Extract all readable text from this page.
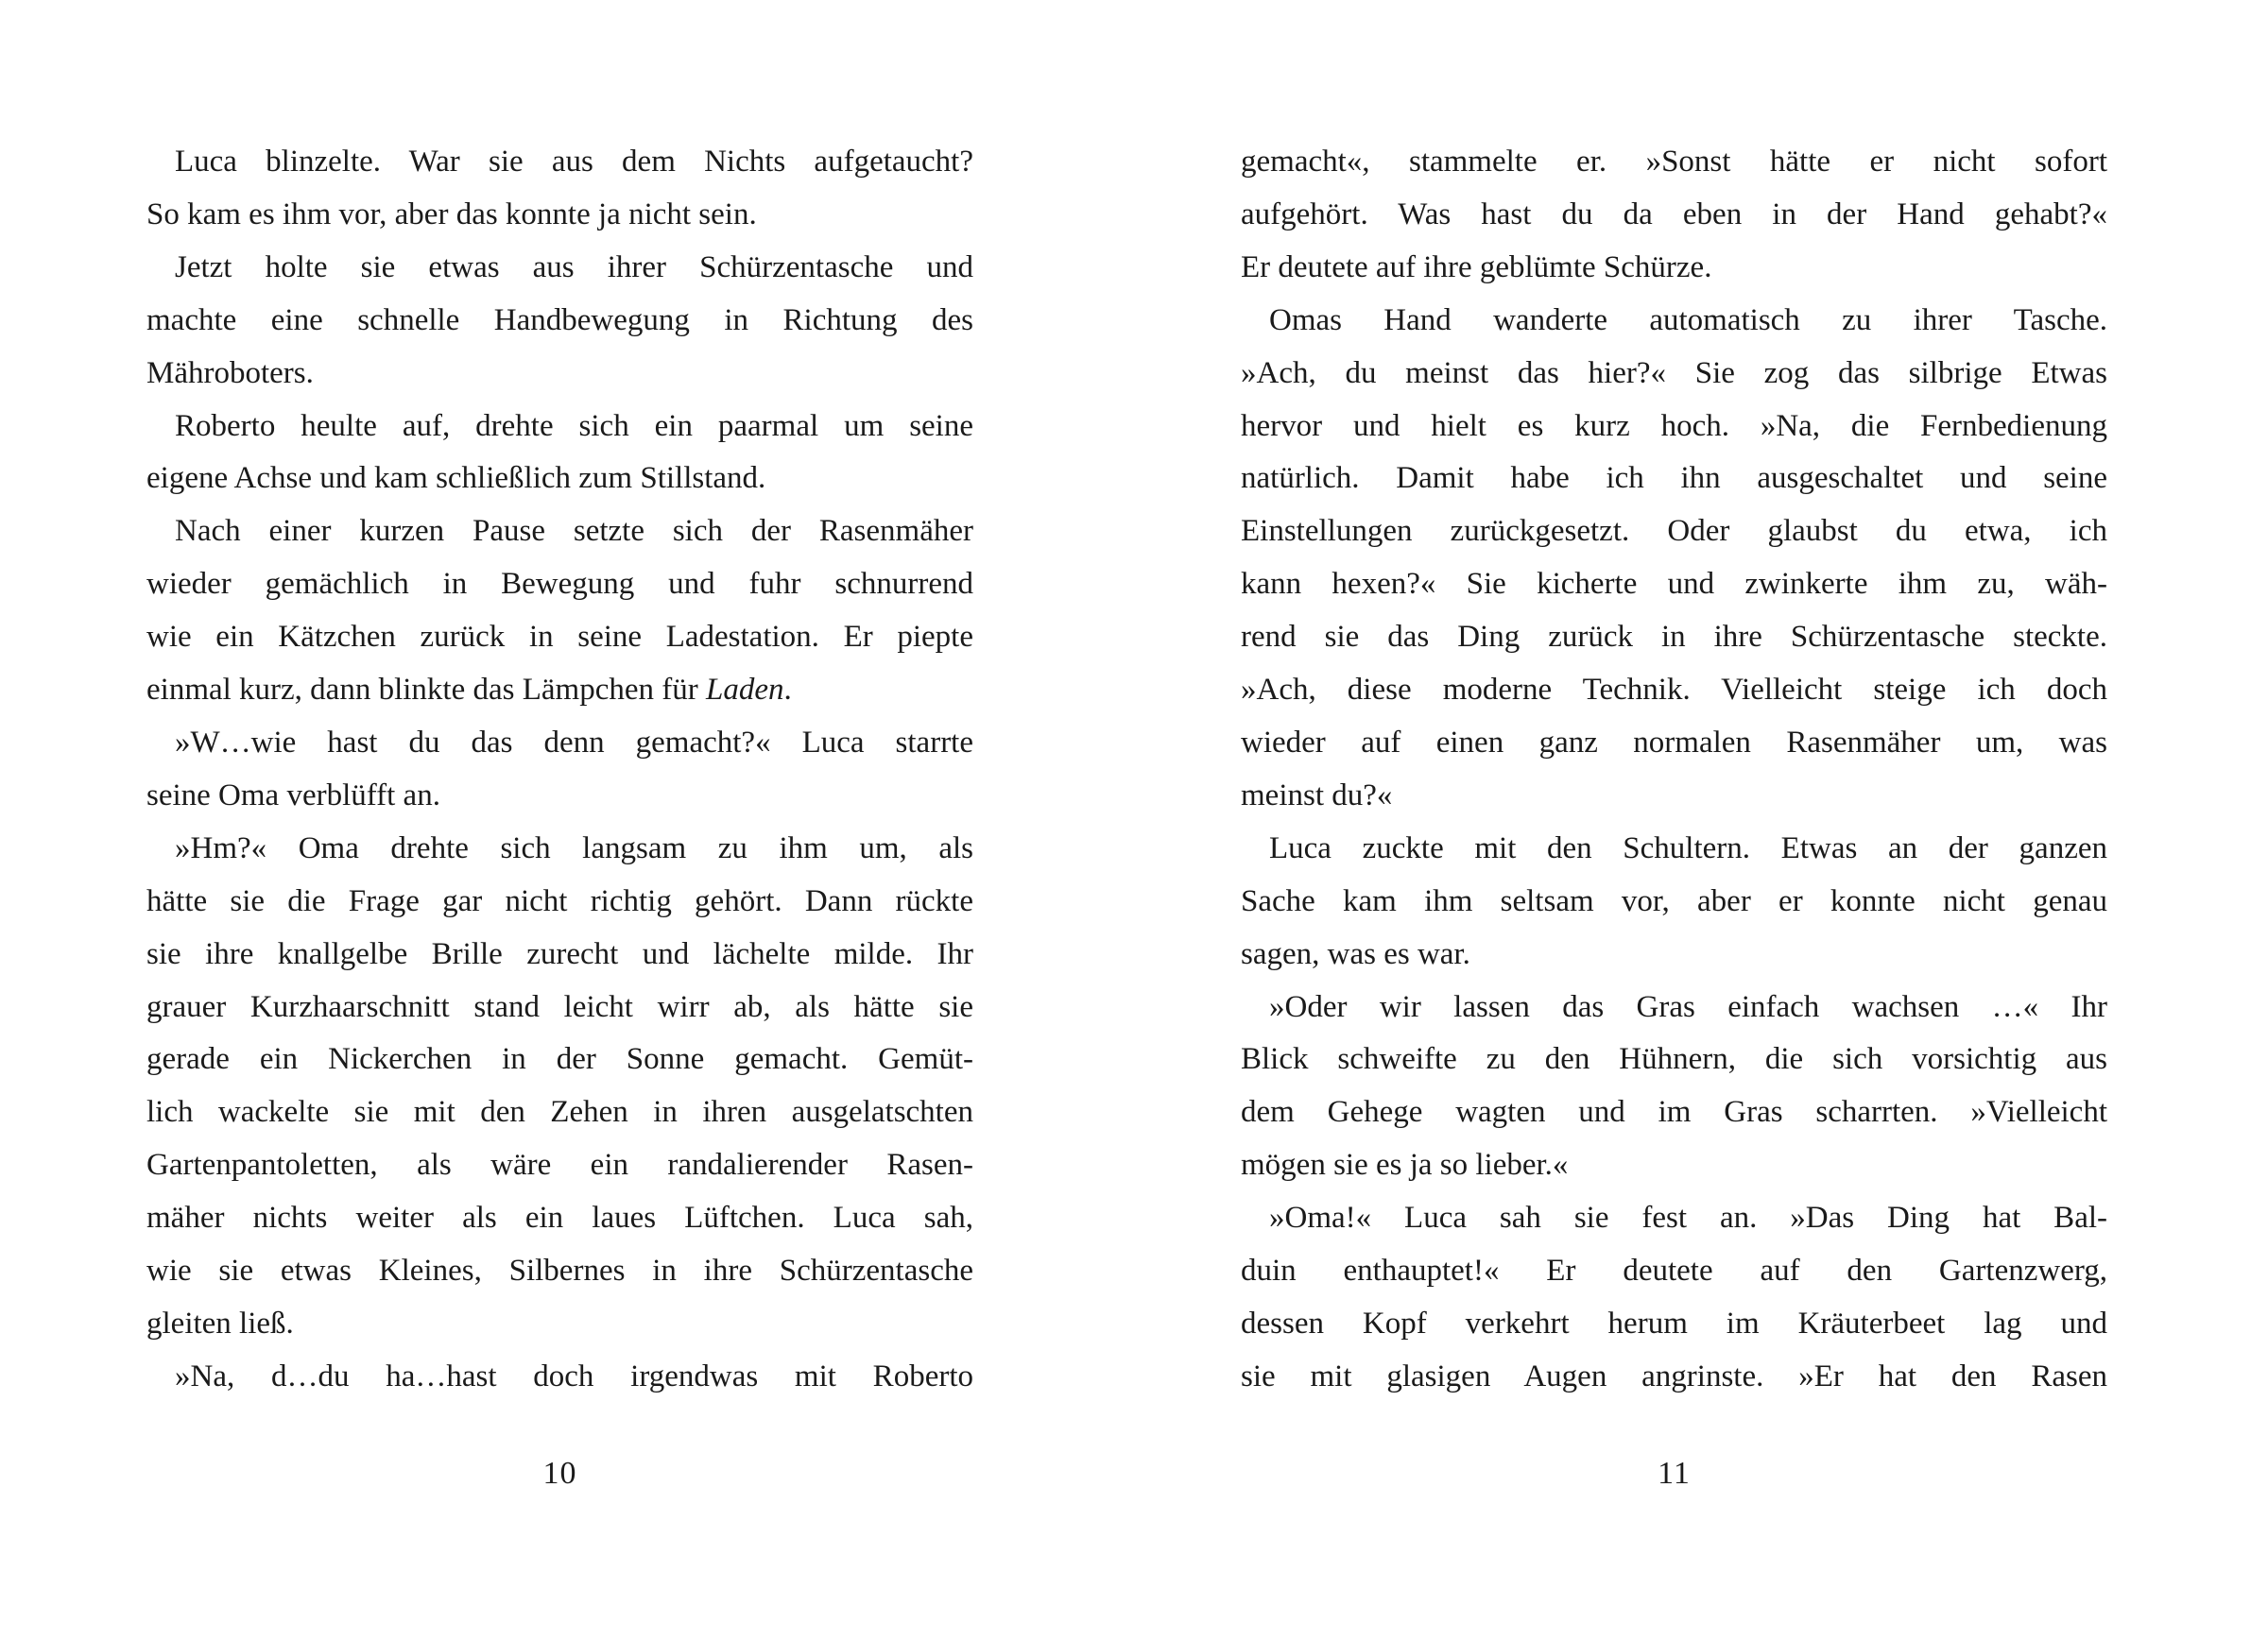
Luca blinzelte. War sie aus dem Nichts aufgetaucht?
So kam es ihm vor, aber das konnte ja nicht sein.
Jetzt holte sie etwas aus ihrer Schürzentasche und
machte eine schnelle Handbewegung in Richtung des
Mähroboters.
Roberto heulte auf, drehte sich ein paarmal um seine
eigene Achse und kam schließlich zum Stillstand.
Nach einer kurzen Pause setzte sich der Rasenmäher
wieder gemächlich in Bewegung und fuhr schnurrend
wie ein Kätzchen zurück in seine Ladestation. Er piepte
einmal kurz, dann blinkte das Lämpchen für Laden.
»W…wie hast du das denn gemacht?« Luca starrte
seine Oma verblüfft an.
»Hm?« Oma drehte sich langsam zu ihm um, als
hätte sie die Frage gar nicht richtig gehört. Dann rückte
sie ihre knallgelbe Brille zurecht und lächelte milde. Ihr
grauer Kurzhaarschnitt stand leicht wirr ab, als hätte sie
gerade ein Nickerchen in der Sonne gemacht. Gemüt-
lich wackelte sie mit den Zehen in ihren ausgelatschten
Gartenpantoletten, als wäre ein randalierender Rasen-
mäher nichts weiter als ein laues Lüftchen. Luca sah,
wie sie etwas Kleines, Silbernes in ihre Schürzentasche
gleiten ließ.
»Na, d…du ha…hast doch irgendwas mit Roberto
gemacht«, stammelte er. »Sonst hätte er nicht sofort
aufgehört. Was hast du da eben in der Hand gehabt?«
Er deutete auf ihre geblümte Schürze.
Omas Hand wanderte automatisch zu ihrer Tasche.
»Ach, du meinst das hier?« Sie zog das silbrige Etwas
hervor und hielt es kurz hoch. »Na, die Fernbedienung
natürlich. Damit habe ich ihn ausgeschaltet und seine
Einstellungen zurückgesetzt. Oder glaubst du etwa, ich
kann hexen?« Sie kicherte und zwinkerte ihm zu, wäh-
rend sie das Ding zurück in ihre Schürzentasche steckte.
»Ach, diese moderne Technik. Vielleicht steige ich doch
wieder auf einen ganz normalen Rasenmäher um, was
meinst du?«
Luca zuckte mit den Schultern. Etwas an der ganzen
Sache kam ihm seltsam vor, aber er konnte nicht genau
sagen, was es war.
»Oder wir lassen das Gras einfach wachsen …« Ihr
Blick schweifte zu den Hühnern, die sich vorsichtig aus
dem Gehege wagten und im Gras scharrten. »Vielleicht
mögen sie es ja so lieber.«
»Oma!« Luca sah sie fest an. »Das Ding hat Bal-
duin enthauptet!« Er deutete auf den Gartenzwerg,
dessen Kopf verkehrt herum im Kräuterbeet lag und
sie mit glasigen Augen angrinste. »Er hat den Rasen
10	11
